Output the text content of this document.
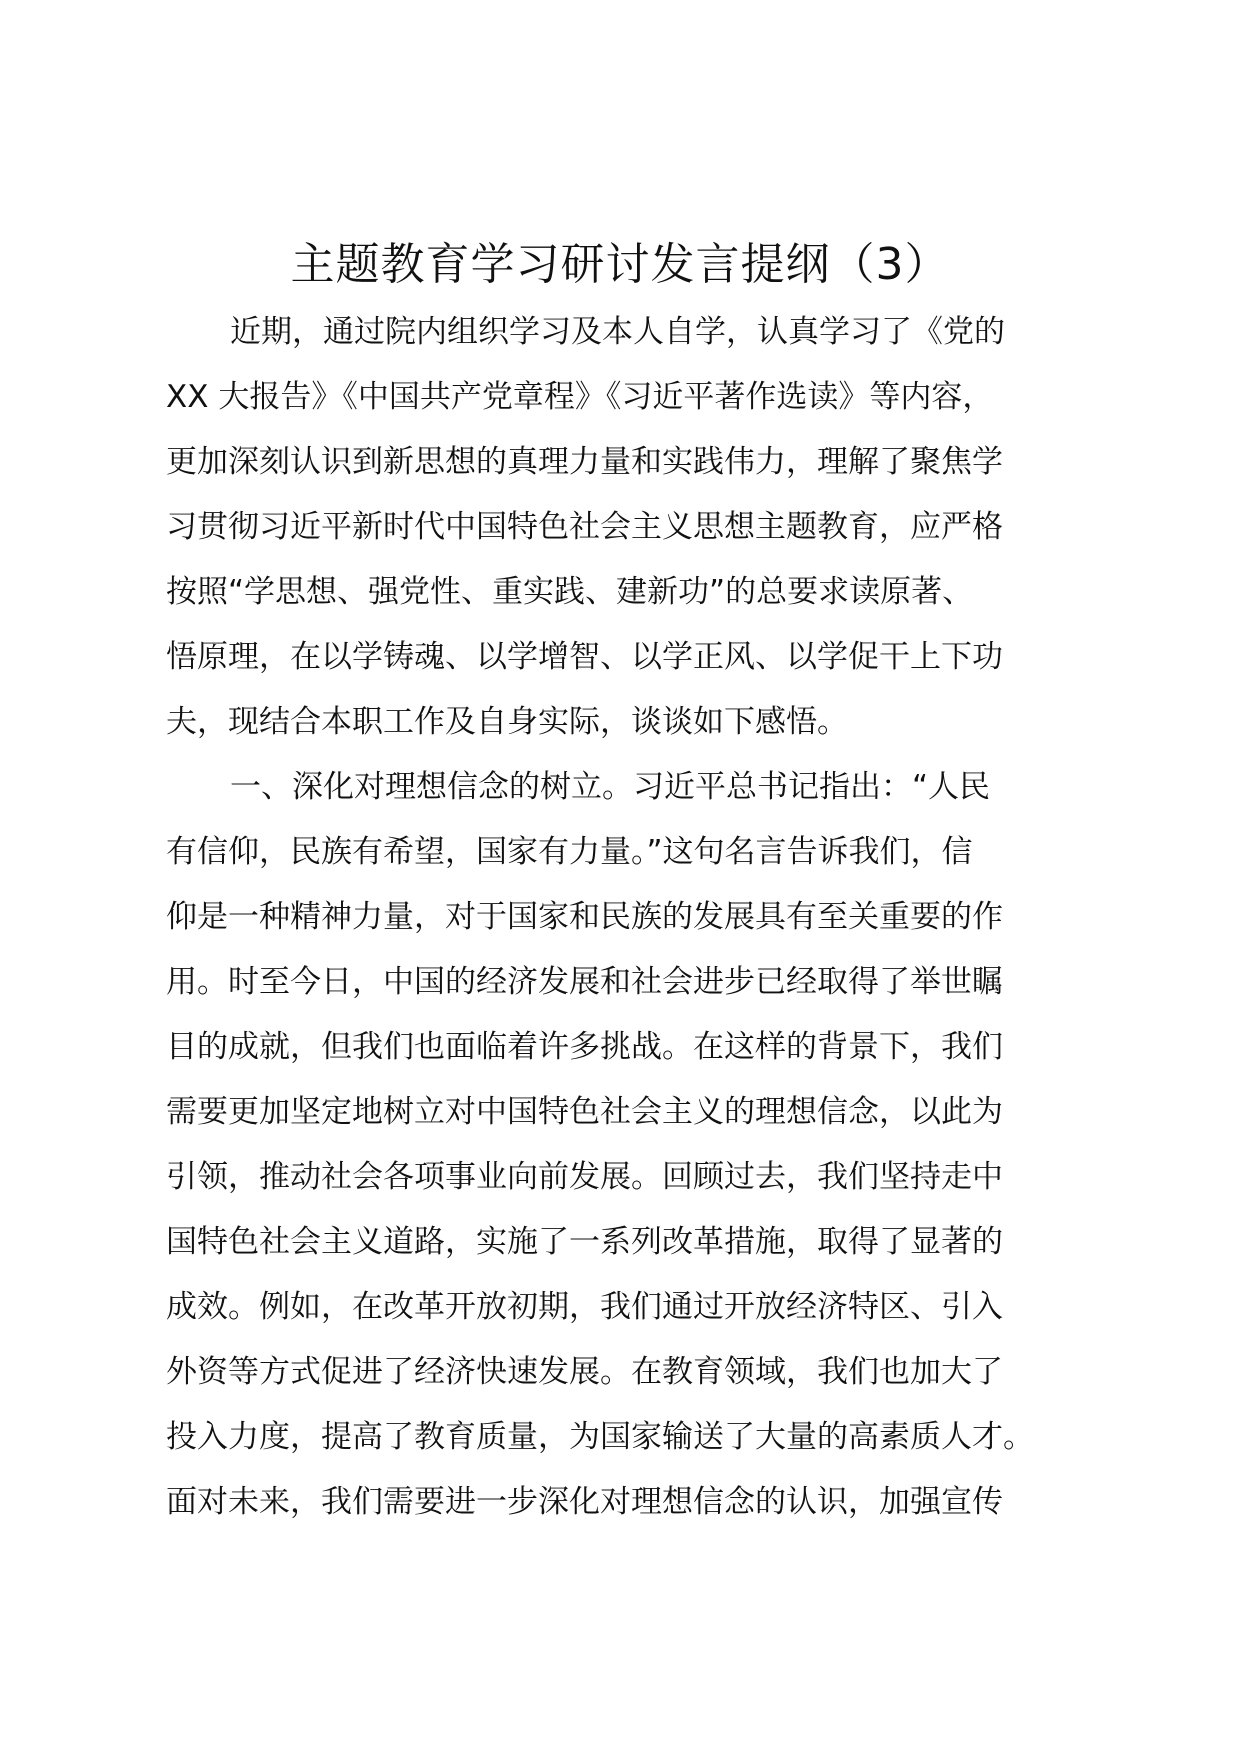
主题教育学习研讨发言提纲（3）
近期，通过院内组织学习及本人自学，认真学习了《党的
XX 大报告》《中国共产党章程》《习近平著作选读》等内容，
更加深刻认识到新思想的真理力量和实践伟力，理解了聚焦学
习贯彻习近平新时代中国特色社会主义思想主题教育，应严格
按照“学思想、强党性、重实践、建新功”的总要求读原著、
悟原理，在以学铸魂、以学增智、以学正风、以学促干上下功
夫，现结合本职工作及自身实际，谈谈如下感悟。
一、深化对理想信念的树立。习近平总书记指出：“人民
有信仰，民族有希望，国家有力量。”这句名言告诉我们，信
仰是一种精神力量，对于国家和民族的发展具有至关重要的作
用。时至今日，中国的经济发展和社会进步已经取得了举世瞩
目的成就，但我们也面临着许多挑战。在这样的背景下，我们
需要更加坚定地树立对中国特色社会主义的理想信念，以此为
引领，推动社会各项事业向前发展。回顾过去，我们坚持走中
国特色社会主义道路，实施了一系列改革措施，取得了显著的
成效。例如，在改革开放初期，我们通过开放经济特区、引入
外资等方式促进了经济快速发展。在教育领域，我们也加大了
投入力度，提高了教育质量，为国家输送了大量的高素质人才。
面对未来，我们需要进一步深化对理想信念的认识，加强宣传
